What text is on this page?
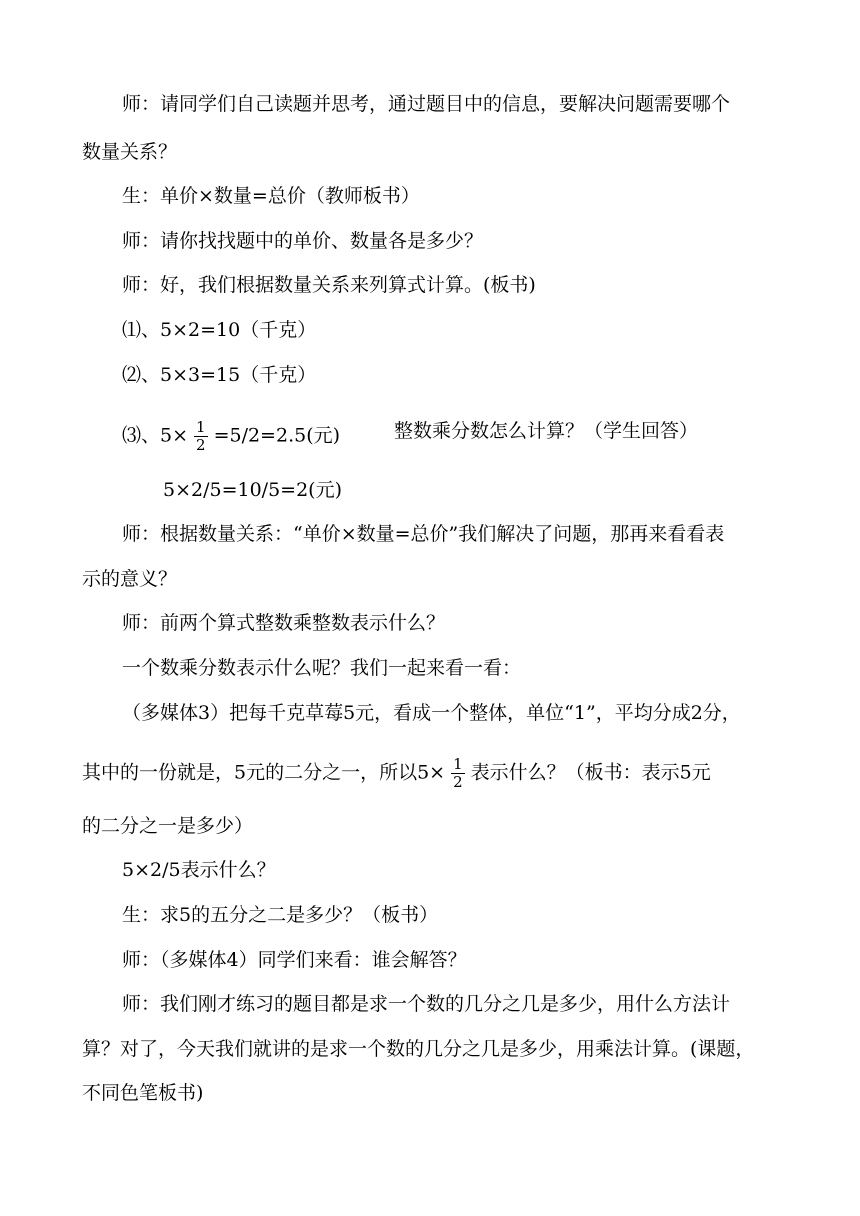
师：请同学们自己读题并思考，通过题目中的信息，要解决问题需要哪个
数量关系？
生：单价×数量=总价（教师板书）
师：请你找找题中的单价、数量各是多少？
师：好，我们根据数量关系来列算式计算。(板书)
⑴、5×2=10（千克）
⑵、5×3=15（千克）
⑶、$5\times \frac{1}{2} =5/2=2.5$(元)	整数乘分数怎么计算？（学生回答）
5×2/5=10/5=2(元)
师：根据数量关系：“单价×数量=总价”我们解决了问题，那再来看看表
示的意义？
师：前两个算式整数乘整数表示什么？
一个数乘分数表示什么呢？我们一起来看一看：
（多媒体3）把每千克草莓5元，看成一个整体，单位“1”，平均分成2分，
其中的一份就是，5元的二分之一，所以$5\times \frac{1}{2}$ 表示什么？（板书：表示5元
的二分之一是多少）
5×2/5表示什么？
生：求5的五分之二是多少？（板书）
师：（多媒体4）同学们来看：谁会解答？
师：我们刚才练习的题目都是求一个数的几分之几是多少，用什么方法计
算？对了，今天我们就讲的是求一个数的几分之几是多少，用乘法计算。(课题，
不同色笔板书)
